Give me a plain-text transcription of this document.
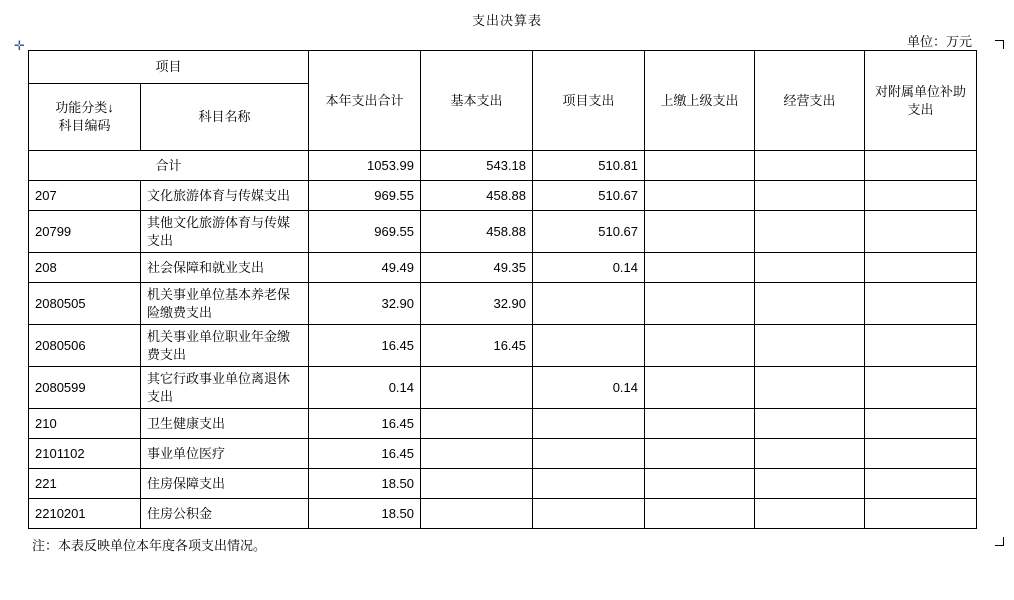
支出决算表
单位：万元
✛
项目		本年支出合计	基本支出	项目支出	上缴上级支出	经营支出	对附属单位补助支出
功能分类↓
科目编码	科目名称						
合计		1053.99	543.18	510.81			
207	文化旅游体育与传媒支出	969.55	458.88	510.67			
20799	其他文化旅游体育与传媒支出	969.55	458.88	510.67			
208	社会保障和就业支出	49.49	49.35	0.14			
2080505	机关事业单位基本养老保险缴费支出	32.90	32.90				
2080506	机关事业单位职业年金缴费支出	16.45	16.45				
2080599	其它行政事业单位离退休支出	0.14		0.14			
210	卫生健康支出	16.45					
2101102	事业单位医疗	16.45					
221	住房保障支出	18.50					
2210201	住房公积金	18.50					
注：本表反映单位本年度各项支出情况。
